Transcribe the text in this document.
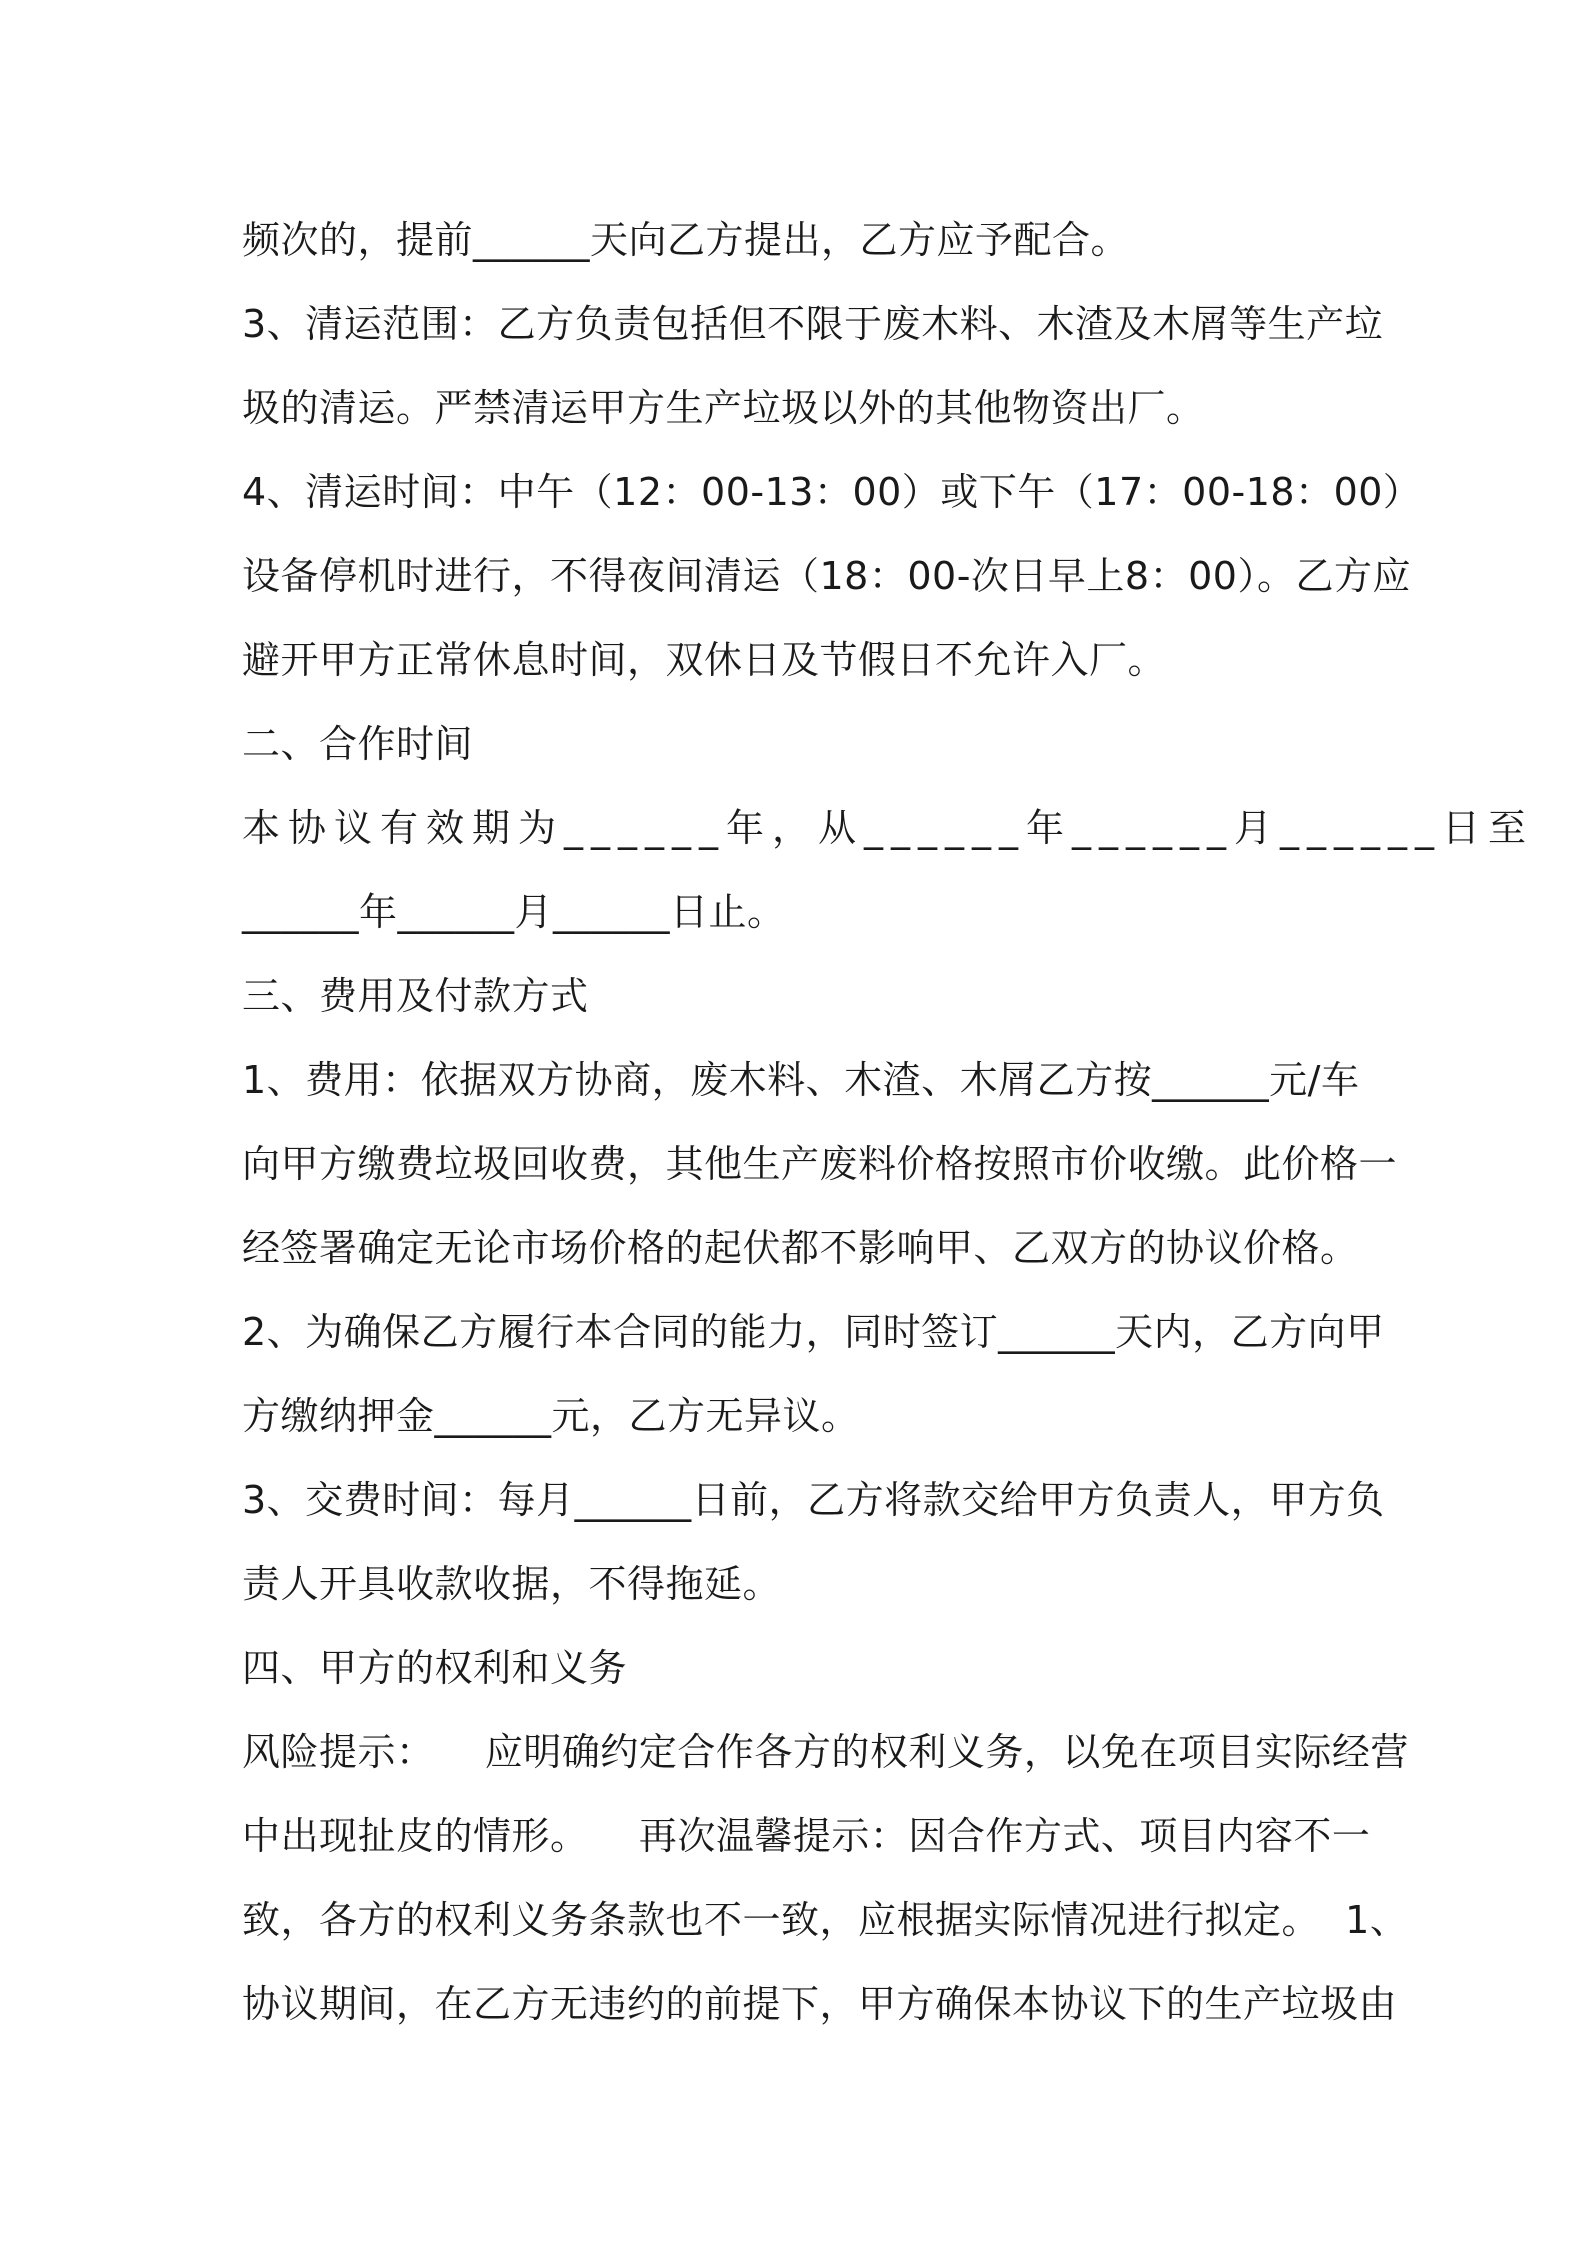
频次的，提前______天向乙方提出，乙方应予配合。
3、清运范围：乙方负责包括但不限于废木料、木渣及木屑等生产垃
圾的清运。严禁清运甲方生产垃圾以外的其他物资出厂。
4、清运时间：中午（12：00-13：00）或下午（17：00-18：00）
设备停机时进行，不得夜间清运（18：00-次日早上8：00）。乙方应
避开甲方正常休息时间，双休日及节假日不允许入厂。
二、合作时间
本协议有效期为______年，从______年______月______日至
______年______月______日止。
三、费用及付款方式
1、费用：依据双方协商，废木料、木渣、木屑乙方按______元/车
向甲方缴费垃圾回收费，其他生产废料价格按照市价收缴。此价格一
经签署确定无论市场价格的起伏都不影响甲、乙双方的协议价格。
2、为确保乙方履行本合同的能力，同时签订______天内，乙方向甲
方缴纳押金______元，乙方无异议。
3、交费时间：每月______日前，乙方将款交给甲方负责人，甲方负
责人开具收款收据，不得拖延。
四、甲方的权利和义务
风险提示：    应明确约定合作各方的权利义务，以免在项目实际经营
中出现扯皮的情形。    再次温馨提示：因合作方式、项目内容不一
致，各方的权利义务条款也不一致，应根据实际情况进行拟定。  1、
协议期间，在乙方无违约的前提下，甲方确保本协议下的生产垃圾由
